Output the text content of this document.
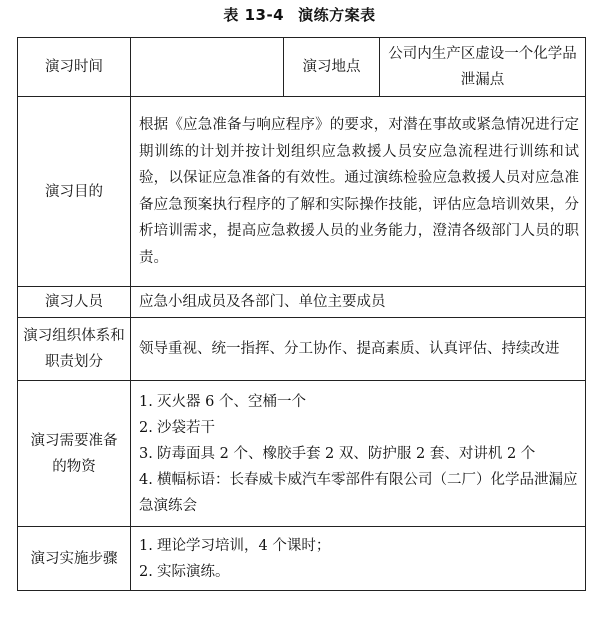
表 13-4 演练方案表
演习时间		演习地点	公司内生产区虚设一个化学品泄漏点
演习目的	根据《应急准备与响应程序》的要求，对潜在事故或紧急情况进行定期训练的计划并按计划组织应急救援人员安应急流程进行训练和试验，以保证应急准备的有效性。通过演练检验应急救援人员对应急准备应急预案执行程序的了解和实际操作技能，评估应急培训效果，分析培训需求，提高应急救援人员的业务能力，澄清各级部门人员的职责。		
演习人员	应急小组成员及各部门、单位主要成员		
演习组织体系和职责划分	领导重视、统一指挥、分工协作、提高素质、认真评估、持续改进		
演习需要准备的物资	1. 灭火器 6 个、空桶一个
2. 沙袋若干
3. 防毒面具 2 个、橡胶手套 2 双、防护服 2 套、对讲机 2 个
4. 横幅标语：长春威卡威汽车零部件有限公司（二厂）化学品泄漏应急演练会		

演习实施步骤	1. 理论学习培训，4 个课时；
2. 实际演练。		
